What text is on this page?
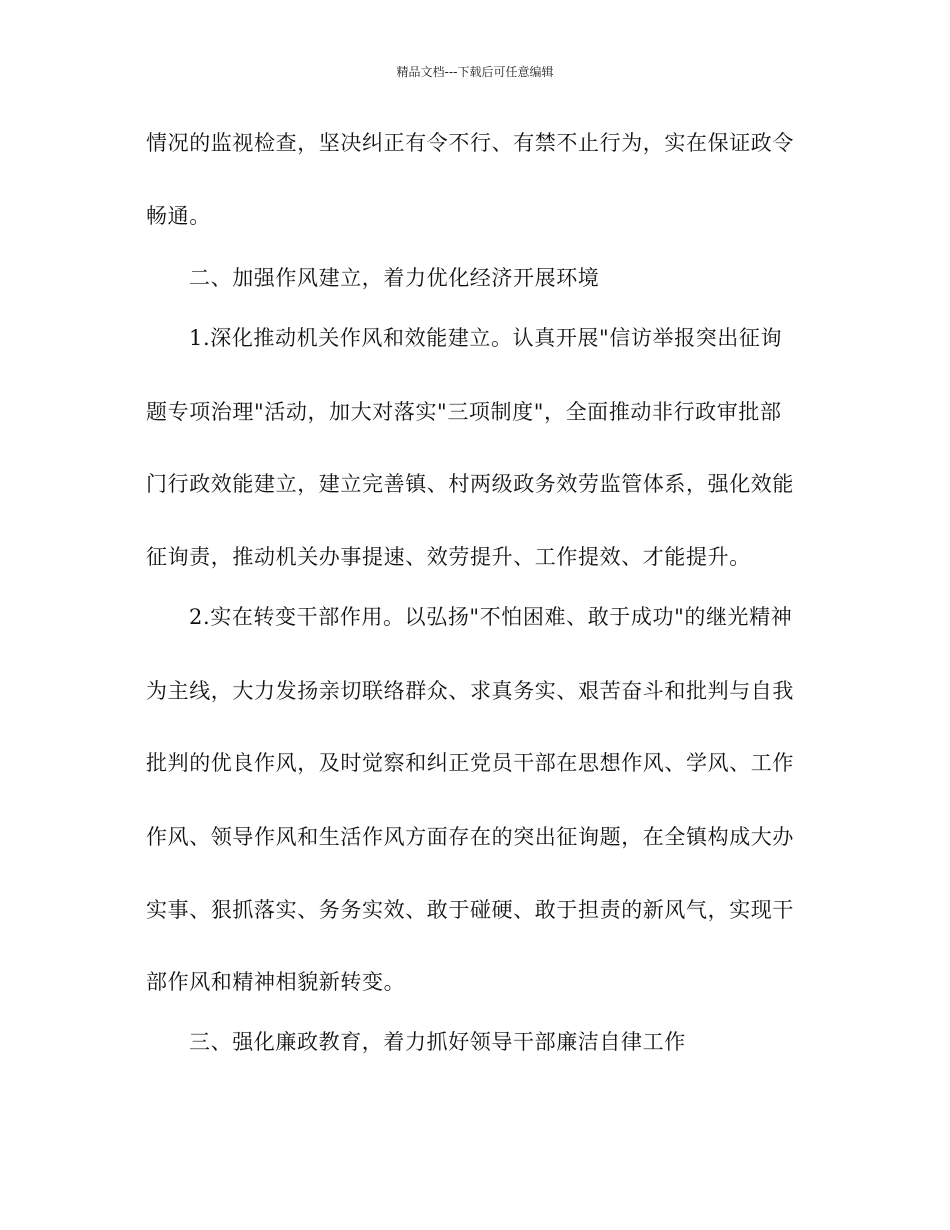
精品文档---下载后可任意编辑
情况的监视检查，坚决纠正有令不行、有禁不止行为，实在保证政令
畅通。
二、加强作风建立，着力优化经济开展环境
1.深化推动机关作风和效能建立。认真开展"信访举报突出征询
题专项治理"活动，加大对落实"三项制度"，全面推动非行政审批部
门行政效能建立，建立完善镇、村两级政务效劳监管体系，强化效能
征询责，推动机关办事提速、效劳提升、工作提效、才能提升。
2.实在转变干部作用。以弘扬"不怕困难、敢于成功"的继光精神
为主线，大力发扬亲切联络群众、求真务实、艰苦奋斗和批判与自我
批判的优良作风，及时觉察和纠正党员干部在思想作风、学风、工作
作风、领导作风和生活作风方面存在的突出征询题，在全镇构成大办
实事、狠抓落实、务务实效、敢于碰硬、敢于担责的新风气，实现干
部作风和精神相貌新转变。
三、强化廉政教育，着力抓好领导干部廉洁自律工作
